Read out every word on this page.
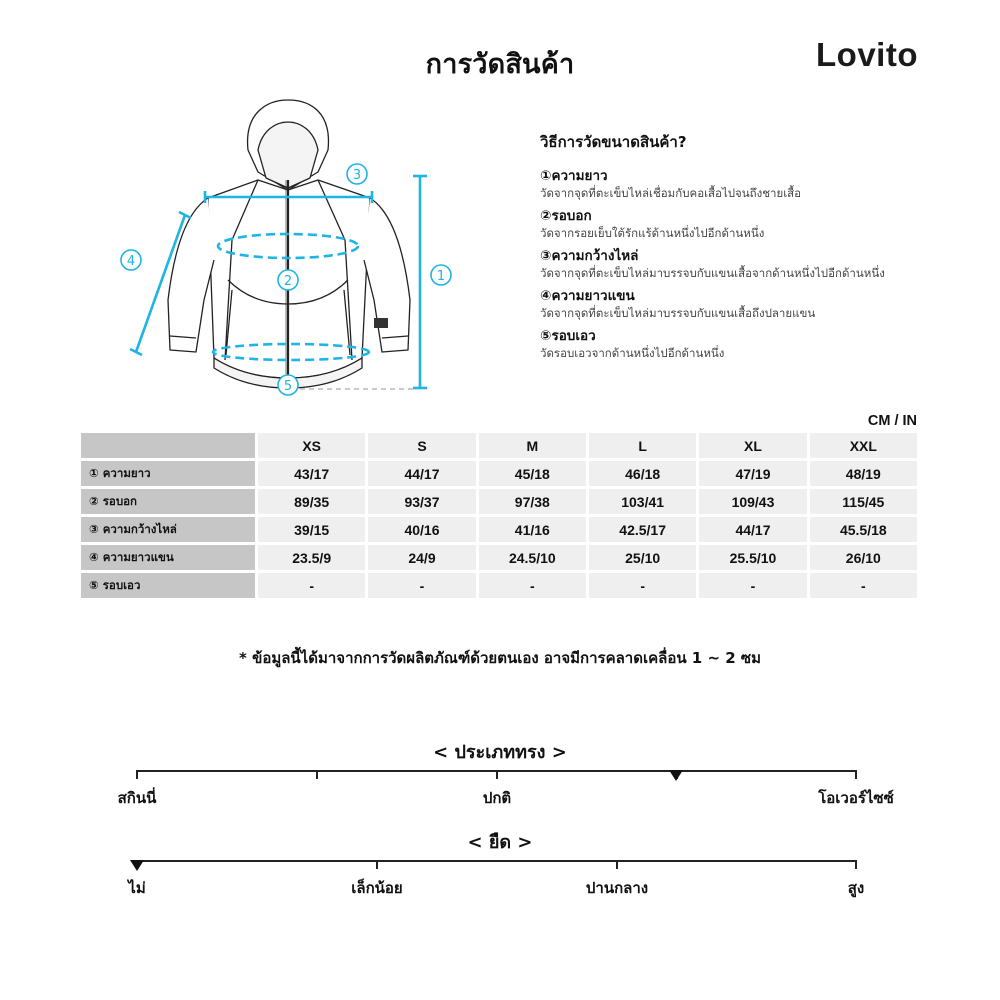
การวัดสินค้า	Lovito
1
2
3
4
5
วิธีการวัดขนาดสินค้า?
①ความยาว
วัดจากจุดที่ตะเข็บไหล่เชื่อมกับคอเสื้อไปจนถึงชายเสื้อ
②รอบอก
วัดจากรอยเย็บใต้รักแร้ด้านหนึ่งไปอีกด้านหนึ่ง
③ความกว้างไหล่
วัดจากจุดที่ตะเข็บไหล่มาบรรจบกับแขนเสื้อจากด้านหนึ่งไปอีกด้านหนึ่ง
④ความยาวแขน
วัดจากจุดที่ตะเข็บไหล่มาบรรจบกับแขนเสื้อถึงปลายแขน
⑤รอบเอว
วัดรอบเอวจากด้านหนึ่งไปอีกด้านหนึ่ง
CM / IN
	XS	S	M	L	XL	XXL
① ความยาว	43/17	44/17	45/18	46/18	47/19	48/19
② รอบอก	89/35	93/37	97/38	103/41	109/43	115/45
③ ความกว้างไหล่	39/15	40/16	41/16	42.5/17	44/17	45.5/18
④ ความยาวแขน	23.5/9	24/9	24.5/10	25/10	25.5/10	26/10
⑤ รอบเอว	-	-	-	-	-	-
* ข้อมูลนี้ได้มาจากการวัดผลิตภัณฑ์ด้วยตนเอง อาจมีการคลาดเคลื่อน 1 ~ 2 ซม
< ประเภททรง >
สกินนี่	ปกติ	โอเวอร์ไซซ์
< ยืด >
ไม่	เล็กน้อย	ปานกลาง	สูง
